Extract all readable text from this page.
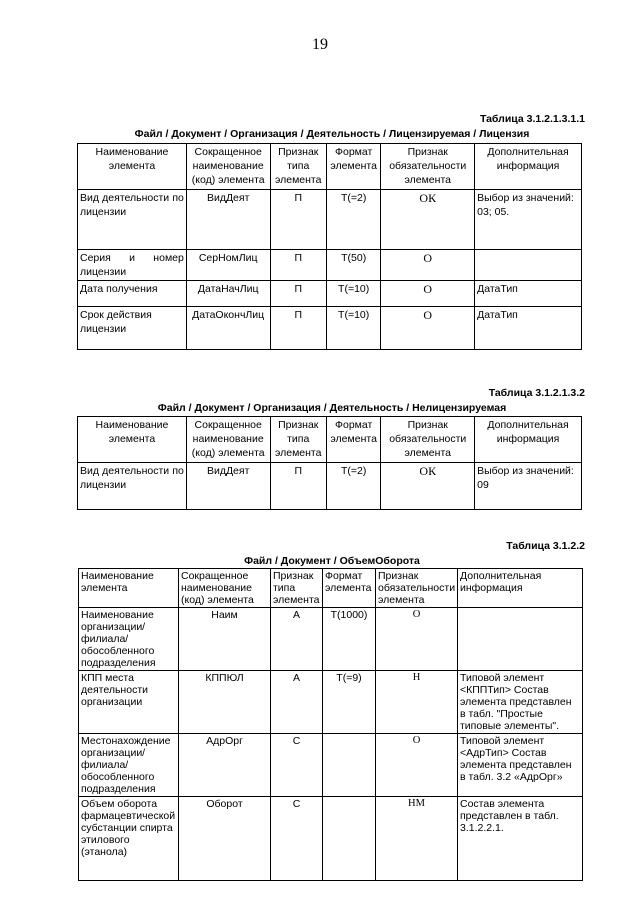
19
Таблица 3.1.2.1.3.1.1
Файл / Документ / Организация / Деятельность / Лицензируемая / Лицензия
Наименование элемента	Сокращенное наименование (код) элемента	Признак типа элемента	Формат элемента	Признак обязательности элемента	Дополнительная информация
Вид деятельности по лицензии	ВидДеят	П	Т(=2)	ОК	Выбор из значений: 03; 05.
Серия и номер лицензии	СерНомЛиц	П	Т(50)	О	
Дата получения	ДатаНачЛиц	П	Т(=10)	О	ДатаТип
Срок действия лицензии	ДатаОкончЛиц	П	Т(=10)	О	ДатаТип
Таблица 3.1.2.1.3.2
Файл / Документ / Организация / Деятельность / Нелицензируемая
Наименование элемента	Сокращенное наименование (код) элемента	Признак типа элемента	Формат элемента	Признак обязательности элемента	Дополнительная информация
Вид деятельности по лицензии	ВидДеят	П	Т(=2)	ОК	Выбор из значений: 09
Таблица 3.1.2.2
Файл / Документ / ОбъемОборота
Наименование элемента	Сокращенное наименование (код) элемента	Признак типа элемента	Формат элемента	Признак обязательности элемента	Дополнительная информация
Наименование организации/филиала/обособленного подразделения	Наим	А	Т(1000)	О	
КПП места деятельности организации	КППЮЛ	А	Т(=9)	Н	Типовой элемент <КППТип> Состав элемента представлен в табл. "Простые типовые элементы".
Местонахождение организации/филиала/обособленного подразделения	АдрОрг	С		О	Типовой элемент <АдрТип> Состав элемента представлен в табл. 3.2 «АдрОрг»
Объем оборота фармацевтической субстанции спирта этилового (этанола)	Оборот	С		НМ	Состав элемента представлен в табл. 3.1.2.2.1.
